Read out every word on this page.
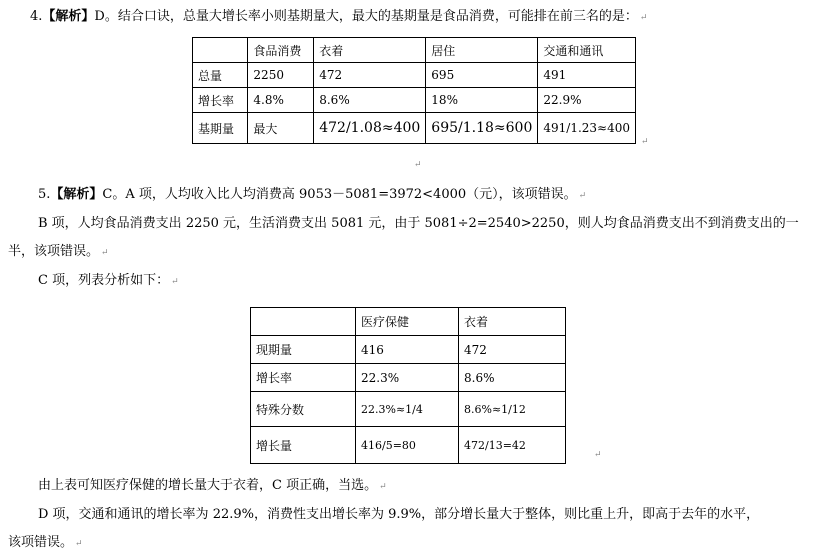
4.【解析】D。结合口诀，总量大增长率小则基期量大，最大的基期量是食品消费，可能排在前三名的是： ↵
	食品消费	衣着	居住	交通和通讯
总量	2250	472	695	491
增长率	4.8%	8.6%	18%	22.9%
基期量	最大	472/1.08≈400	695/1.18≈600	491/1.23≈400
↵
↵
5.【解析】C。A 项，人均收入比人均消费高 9053－5081=3972<4000（元），该项错误。 ↵
B 项，人均食品消费支出 2250 元，生活消费支出 5081 元，由于 5081÷2=2540>2250，则人均食品消费支出不到消费支出的一
半，该项错误。 ↵
C 项，列表分析如下： ↵
	医疗保健	衣着
现期量	416	472
增长率	22.3%	8.6%
特殊分数	22.3%≈1/4	8.6%≈1/12
增长量	416/5=80	472/13=42
↵
由上表可知医疗保健的增长量大于衣着，C 项正确，当选。 ↵
D 项，交通和通讯的增长率为 22.9%，消费性支出增长率为 9.9%，部分增长量大于整体，则比重上升，即高于去年的水平，
该项错误。 ↵
